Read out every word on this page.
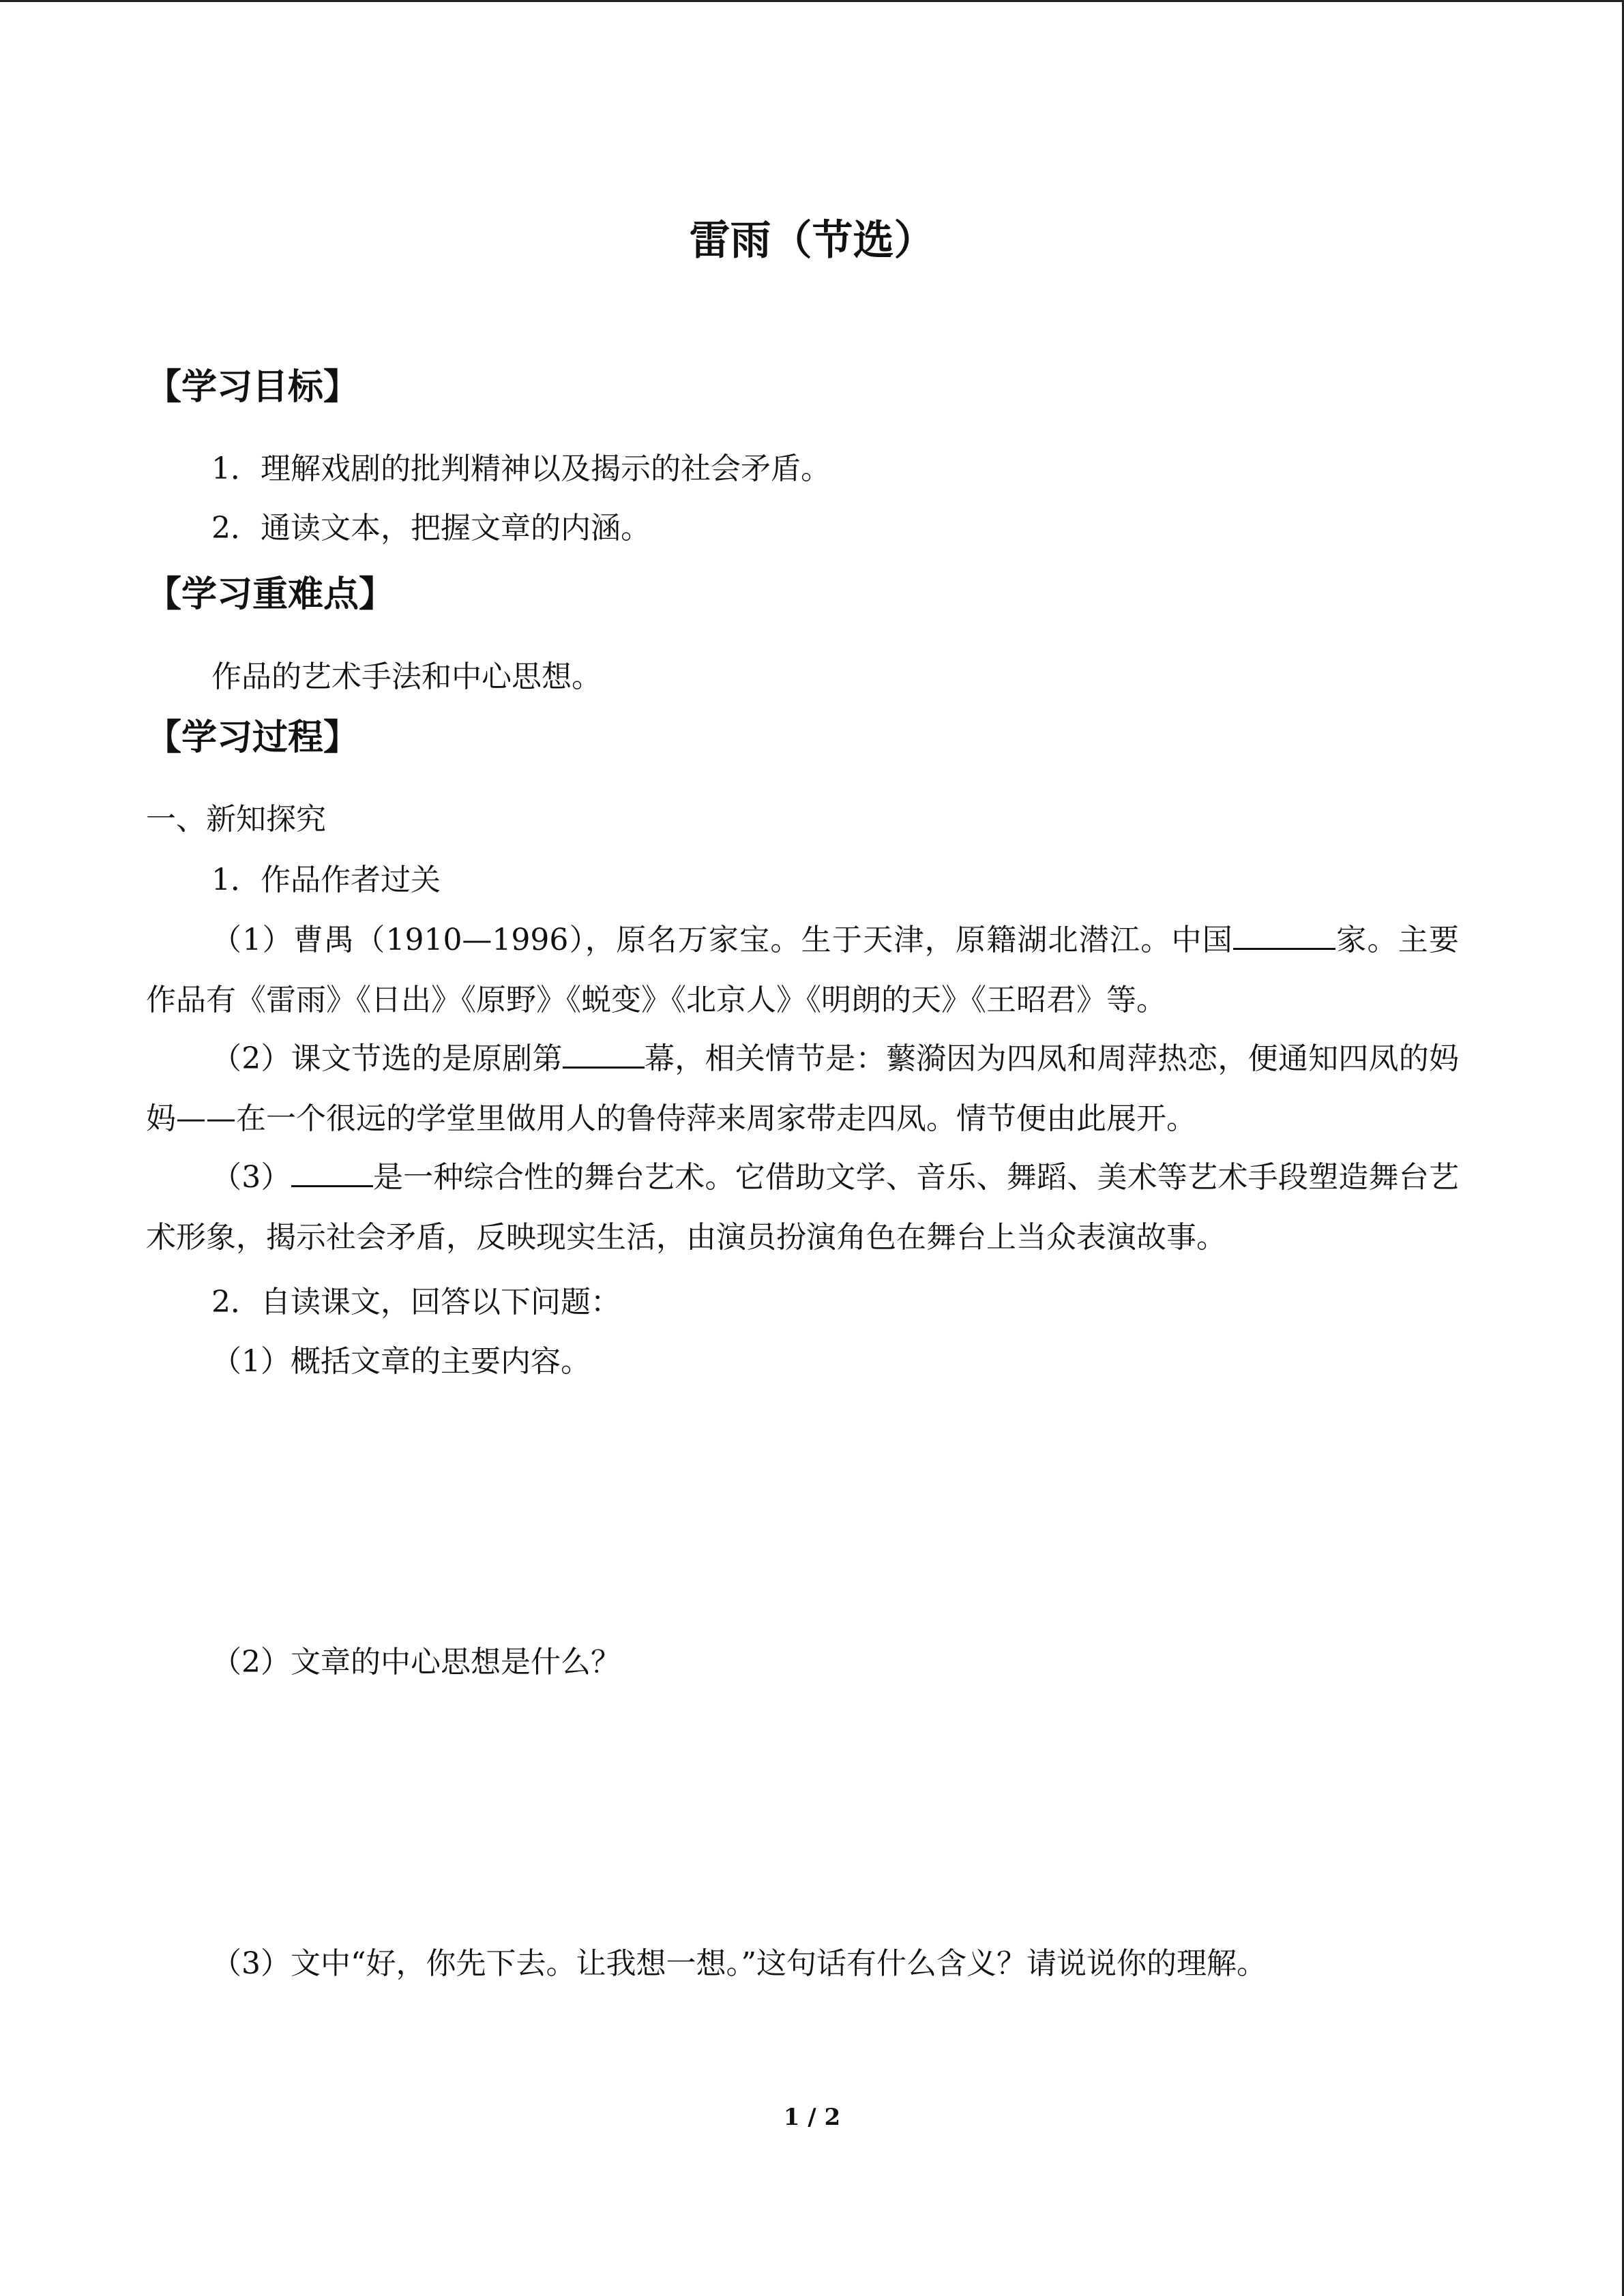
雷雨（节选）
【学习目标】
1．理解戏剧的批判精神以及揭示的社会矛盾。
2．通读文本，把握文章的内涵。
【学习重难点】
作品的艺术手法和中心思想。
【学习过程】
一、新知探究
1．作品作者过关
（1）曹禺（1910—1996），原名万家宝。生于天津，原籍湖北潜江。中国	家。主要作品有《雷雨》《日出》《原野》《蜕变》《北京人》《明朗的天》《王昭君》等。
（2）课文节选的是原剧第	幕，相关情节是：蘩漪因为四凤和周萍热恋，便通知四凤的妈妈——在一个很远的学堂里做用人的鲁侍萍来周家带走四凤。情节便由此展开。
（3）	是一种综合性的舞台艺术。它借助文学、音乐、舞蹈、美术等艺术手段塑造舞台艺术形象，揭示社会矛盾，反映现实生活，由演员扮演角色在舞台上当众表演故事。
2．自读课文，回答以下问题：
（1）概括文章的主要内容。
（2）文章的中心思想是什么？
（3）文中“好，你先下去。让我想一想。”这句话有什么含义？请说说你的理解。
1 / 2
